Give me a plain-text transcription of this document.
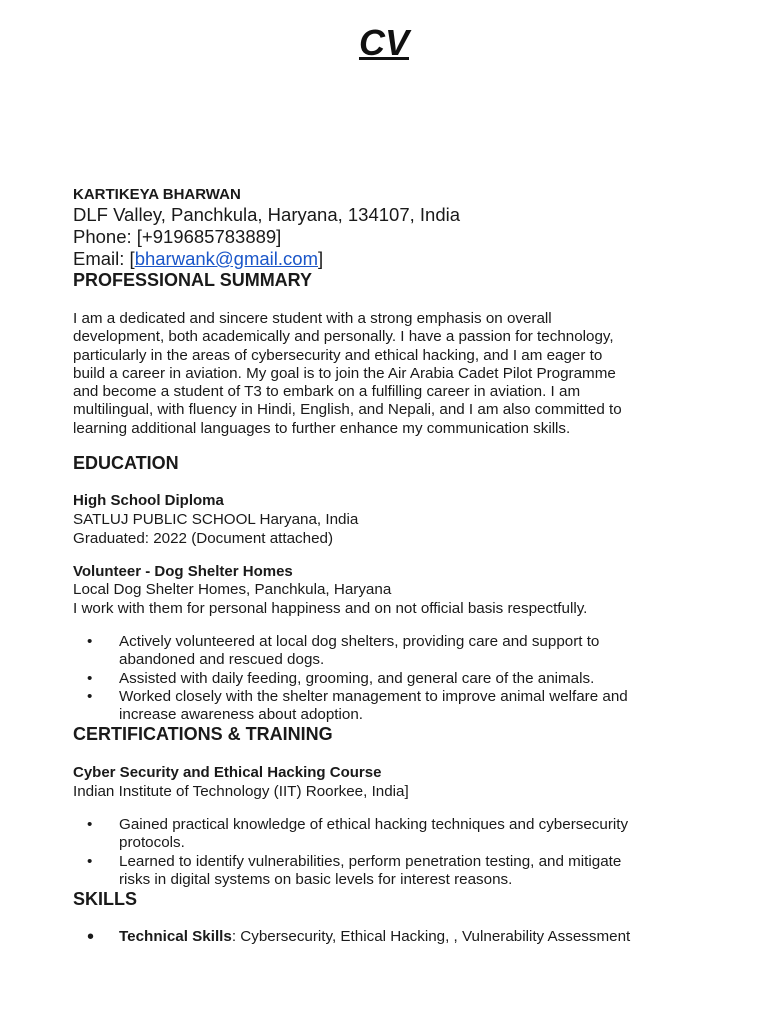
CV
KARTIKEYA BHARWAN
DLF Valley, Panchkula, Haryana, 134107, India
Phone: [+919685783889]
Email: [bharwank@gmail.com]
PROFESSIONAL SUMMARY
I am a dedicated and sincere student with a strong emphasis on overall
development, both academically and personally. I have a passion for technology,
particularly in the areas of cybersecurity and ethical hacking, and I am eager to
build a career in aviation. My goal is to join the Air Arabia Cadet Pilot Programme
and become a student of T3 to embark on a fulfilling career in aviation. I am
multilingual, with fluency in Hindi, English, and Nepali, and I am also committed to
learning additional languages to further enhance my communication skills.
EDUCATION
High School Diploma
SATLUJ PUBLIC SCHOOL Haryana, India
Graduated: 2022 (Document attached)
Volunteer - Dog Shelter Homes
Local Dog Shelter Homes, Panchkula, Haryana
I work with them for personal happiness and on not official basis respectfully.
• Actively volunteered at local dog shelters, providing care and support to
abandoned and rescued dogs.
• Assisted with daily feeding, grooming, and general care of the animals.
• Worked closely with the shelter management to improve animal welfare and
increase awareness about adoption.
CERTIFICATIONS & TRAINING
Cyber Security and Ethical Hacking Course
Indian Institute of Technology (IIT) Roorkee, India]
• Gained practical knowledge of ethical hacking techniques and cybersecurity
protocols.
• Learned to identify vulnerabilities, perform penetration testing, and mitigate
risks in digital systems on basic levels for interest reasons.
SKILLS
• Technical Skills: Cybersecurity, Ethical Hacking, , Vulnerability Assessment
